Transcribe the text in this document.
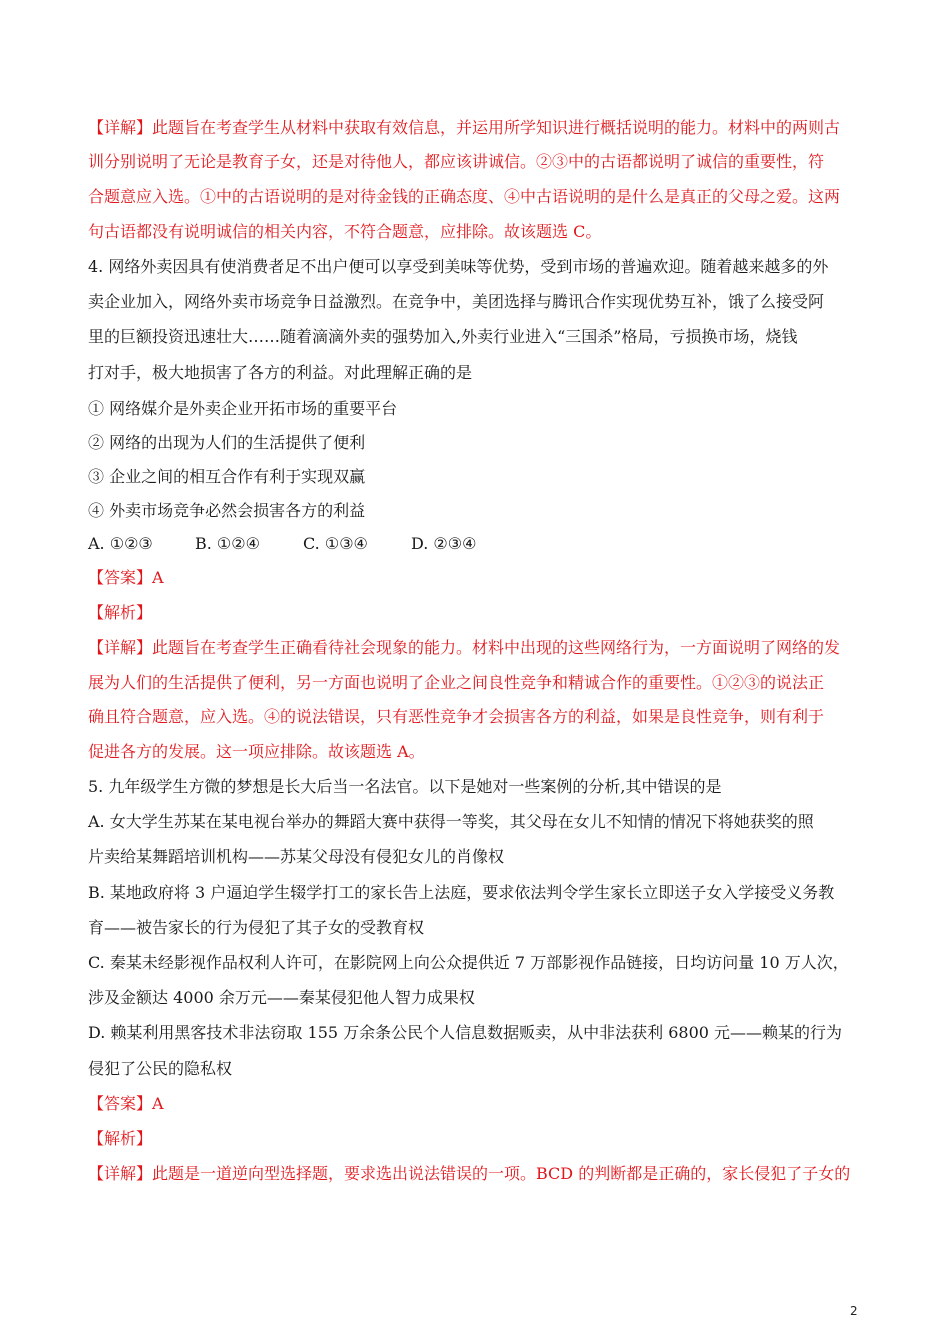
【详解】此题旨在考查学生从材料中获取有效信息，并运用所学知识进行概括说明的能力。材料中的两则古
训分别说明了无论是教育子女，还是对待他人，都应该讲诚信。②③中的古语都说明了诚信的重要性，符
合题意应入选。①中的古语说明的是对待金钱的正确态度、④中古语说明的是什么是真正的父母之爱。这两
句古语都没有说明诚信的相关内容，不符合题意，应排除。故该题选 C。
4. 网络外卖因具有使消费者足不出户便可以享受到美味等优势，受到市场的普遍欢迎。随着越来越多的外
卖企业加入，网络外卖市场竞争日益激烈。在竞争中，美团选择与腾讯合作实现优势互补，饿了么接受阿
里的巨额投资迅速壮大……随着滴滴外卖的强势加入,外卖行业进入“三国杀”格局，亏损换市场，烧钱
打对手，极大地损害了各方的利益。对此理解正确的是
① 网络媒介是外卖企业开拓市场的重要平台
② 网络的出现为人们的生活提供了便利
③ 企业之间的相互合作有利于实现双赢
④ 外卖市场竞争必然会损害各方的利益
A. ①②③	B. ①②④	C. ①③④	D. ②③④
【答案】A
【解析】
【详解】此题旨在考查学生正确看待社会现象的能力。材料中出现的这些网络行为，一方面说明了网络的发
展为人们的生活提供了便利，另一方面也说明了企业之间良性竞争和精诚合作的重要性。①②③的说法正
确且符合题意，应入选。④的说法错误，只有恶性竞争才会损害各方的利益，如果是良性竞争，则有利于
促进各方的发展。这一项应排除。故该题选 A。
5. 九年级学生方微的梦想是长大后当一名法官。以下是她对一些案例的分析,其中错误的是
A. 女大学生苏某在某电视台举办的舞蹈大赛中获得一等奖，其父母在女儿不知情的情况下将她获奖的照
片卖给某舞蹈培训机构——苏某父母没有侵犯女儿的肖像权
B. 某地政府将 3 户逼迫学生辍学打工的家长告上法庭，要求依法判令学生家长立即送子女入学接受义务教
育——被告家长的行为侵犯了其子女的受教育权
C. 秦某未经影视作品权利人许可，在影院网上向公众提供近 7 万部影视作品链接，日均访问量 10 万人次，
涉及金额达 4000 余万元——秦某侵犯他人智力成果权
D. 赖某利用黑客技术非法窃取 155 万余条公民个人信息数据贩卖，从中非法获利 6800 元——赖某的行为
侵犯了公民的隐私权
【答案】A
【解析】
【详解】此题是一道逆向型选择题，要求选出说法错误的一项。BCD 的判断都是正确的，家长侵犯了子女的
2
